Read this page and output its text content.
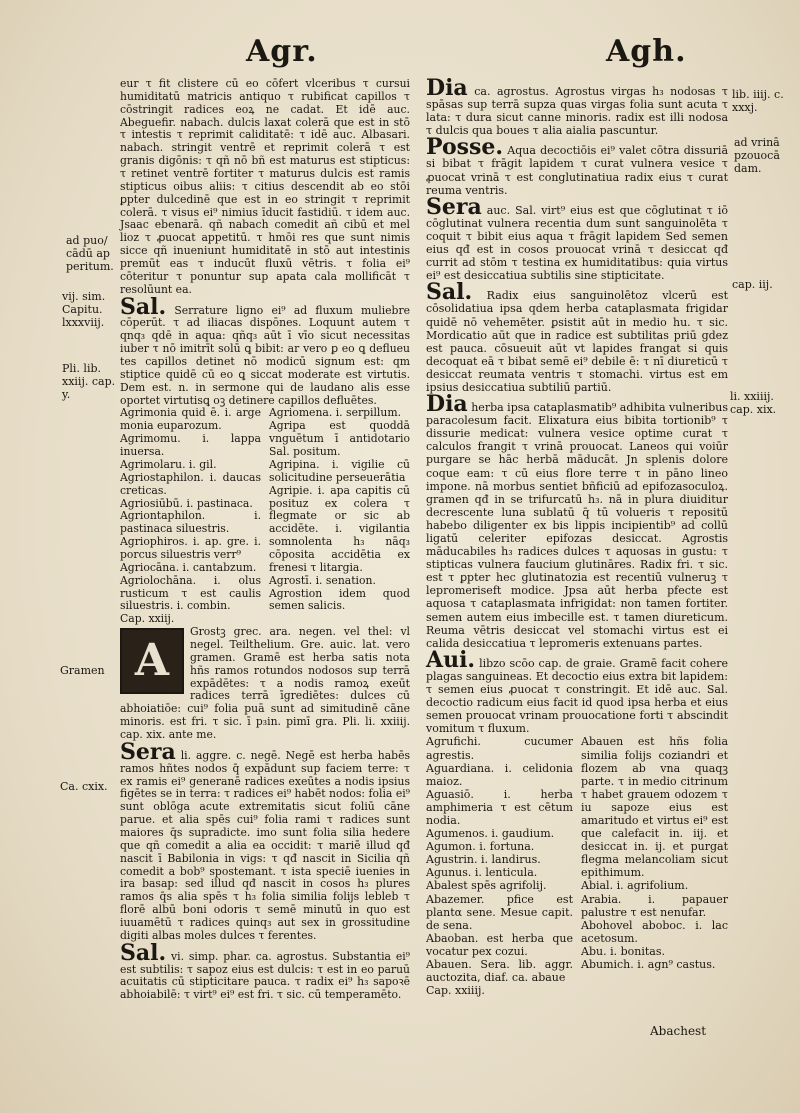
Agr.	Agh.
ad puo/ cādū ap peritum.
vij. sim. Capitu. lxxxviij.
Pli. lib. xxiij. cap. y.
Gramen
Ca. cxix.
lib. iiij. c. xxxj.
ad vrinā pzouocā dam.
cap. iij.
li. xxiiij. cap. xix.

eur τ fit clistere cū eo cōfert vlceribus τ cursui humiditatū matricis antiquo τ rubificat capillos τ cōstringit radices eoꝝ ne cadat. Et idē auc. Abeguefir. nabach. dulcis laxat colerā que est in stō τ intestis τ reprimit caliditatē: τ idē auc. Albasari. nabach. stringit ventrē et reprimit colerā τ est granis digōnis: τ qñ nō bñ est maturus est stipticus: τ retinet ventrē fortiter τ maturus dulcis est ramis stipticus oibus aliis: τ citius descendit ab eo stōi ꝑpter dulcedinē que est in eo stringit τ reprimit colerā. τ visus ei⁹ nimius īducit fastidiū. τ idem auc. Jsaac ebenarā. qñ nabach comedit añ cibū et mel lioz τ ꝓuocat appetitū. τ hmōi res que sunt nimis sicce qñ inueniunt humiditatē in stō aut intestinis premūt eas τ inducūt fluxū vētris. τ folia ei⁹ cōteritur τ ponuntur sup apata cala mollificāt τ resolūunt ea.

Sal. Serrature ligno ei⁹ ad fluxum muliebre cōperūt. τ ad iliacas dispōnes. Loquunt autem τ qnq₃ qdē in aqua: qñq₃ aūt ī vīo sicut necessitas iuber τ nō imitrīt solū ꝗ bibit: ar vero ꝑ eo ꝗ deflueu tes capillos detinet nō modicū signum est: qm stiptice quidē cū eo ꝗ siccat moderate est virtutis. Dem est. n. in sermone qui de laudano alis esse oportet virtutisꝗ oꝫ detinere capillos defluētes.

Agrimonia quid ē. i. arge monia euparozum.

Agrimomu. i. lappa inuersa.

Agrimolaru. i. gil.

Agriostaphilon. i. daucas creticas.

Agriosiūbū. i. pastinaca.

Agriontaphilon. i. pastinaca siluestris.

Agriophiros. i. ap. gre. i. porcus siluestris verr⁹

Agriocāna. i. cantabzum.

Agriolochāna. i. olus rusticum τ est caulis siluestris. i. combin.

Agriomena. i. serpillum.

Agripa est quoddā vnguētum ī antidotario Sal. positum.

Agripina. i. vigilie cū solicitudine perseuerātia

Agripie. i. apa capitis cū posituz ex colera τ flegmate or sic ab accidēte. i. vigilantia somnolenta h₃ nāq₃ cōposita accidētia ex frenesi τ litargia.

Agrostī. i. senation.

Agrostion idem quod semen salicis.

Cap. xxiij.

A
Grostꝫ grec. ara. negen. vel thel: vl negel. Teilthelium. Gre. auic. lat. vero gramen. Gramē est herba satis nota hñs ramos rotundos nodosos sup terrā expādētes: τ a nodis ramoꝝ exeūt radices terrā īgrediētes: dulces cū abhoiatiōe: cui⁹ folia puā sunt ad simitudinē cāne minoris. est fri. τ sic. ī p₃in. pimī gra. Pli. li. xxiiij. cap. xix. ante me.

Sera li. aggre. c. negē. Negē est herba habēs ramos hñtes nodos q̄ expādunt sup faciem terre: τ ex ramis ei⁹ generanē radices exeūtes a nodis ipsius figētes se in terra: τ radices ei⁹ habēt nodos: folia ei⁹ sunt oblōga acute extremitatis sicut foliū cāne parue. et alia spēs cui⁹ folia rami τ radices sunt maiores q̄s supradicte. imo sunt folia silia hedere que qñ comedit a alia ea occidit: τ mariē illud qđ nascit ī Babilonia in vigs: τ qđ nascit in Sicilia qñ comedit a bob⁹ spostemant. τ ista speciē iuenies in ira basap: sed illud qđ nascit in cosos h₃ plures ramos q̄s alia spēs τ h₃ folia similia folijs lebleb τ florē albū boni odoris τ semē minutū in quo est iuuamētū τ radices quinq₃ aut sex in grossitudine digiti albas moles dulces τ ferentes.

Sal. vi. simp. phar. ca. agrostus. Substantia ei⁹ est subtilis: τ sapoz eius est dulcis: τ est in eo paruū acuitatis cū stipticitare pauca. τ radix ei⁹ h₃ sapoꝛē abhoiabilē: τ virt⁹ ei⁹ est fri. τ sic. cū temperamēto.

Dia ca. agrostus. Agrostus virgas h₃ nodosas τ spāsas sup terrā supza quas virgas folia sunt acuta τ lata: τ dura sicut canne minoris. radix est illi nodosa τ dulcis qua boues τ alia aialia pascuntur.

Posse. Aqua decoctiōis ei⁹ valet cōtra dissuriā si bibat τ frāgit lapidem τ curat vulnera vesice τ ꝓuocat vrinā τ est conglutinatiua radix eius τ curat reuma ventris.

Sera auc. Sal. virt⁹ eius est que cōglutinat τ iō cōglutinat vulnera recentia dum sunt sanguinolēta τ coquit τ bibit eius aqua τ frāgit lapidem Sed semen eius qđ est in cosos prouocat vrinā τ desiccat qđ currit ad stōm τ testina ex humiditatibus: quia virtus ei⁹ est desiccatiua subtilis sine stipticitate.

Sal. Radix eius sanguinolētoz vlcerū est cōsolidatiua ipsa qdem herba cataplasmata frigidar quidē nō vehemēter. ꝑsistit aūt in medio hu. τ sic. Mordicatio aūt que in radice est subtilitas priū gdez est pauca. cōsueuit aūt vt lapides frangat si quis decoquat eā τ bibat semē ei⁹ debile ē: τ nī diureticū τ desiccat reumata ventris τ stomachi. virtus est em ipsius desiccatiua subtiliū partiū.

Dia herba ipsa cataplasmatib⁹ adhibita vulneribus paracolesum facit. Elixatura eius bibita tortionib⁹ τ dissurie medicat: vulnera vesice optime curat τ calculos frangit τ vrinā prouocat. Laneos qui voiūr purgare se hāc herbā māducāt. Jn splenis dolore coque eam: τ cū eius flore terre τ in pāno lineo impone. nā morbus sentiet bñficiū ad epifozasoculoꝝ. gramen qđ in se trifurcatū h₃. nā in plura diuiditur decrescente luna sublatū q̄ tū volueris τ repositū habebo diligenter ex bis lippis incipientib⁹ ad collū ligatū celeriter epifozas desiccat. Agrostis māducabiles h₃ radices dulces τ aquosas in gustu: τ stipticas vulnera faucium glutināres. Radix fri. τ sic. est τ ꝑpter hec glutinatozia est recentiū vulneruꝫ τ lepromeriseft modice. Jpsa aūt herba pfecte est aquosa τ cataplasmata infrigidat: non tamen fortiter. semen autem eius imbecille est. τ tamen diureticum. Reuma vētris desiccat vel stomachi virtus est ei calida desiccatiua τ lepromeris extenuans partes.

Aui. libzo scōo cap. de graie. Gramē facit cohere plagas sanguineas. Et decoctio eius extra bit lapidem: τ semen eius ꝓuocat τ constringit. Et idē auc. Sal. decoctio radicum eius facit id quod ipsa herba et eius semen prouocat vrinam prouocatione forti τ abscindit vomitum τ fluxum.

Agrufichi. cucumer agrestis.

Aguardiana. i. celidonia maioz.

Aguasiō. i. herba amphimeria τ est cētum nodia.

Agumenos. i. gaudium.

Agumon. i. fortuna.

Agustrin. i. landirus.

Agunus. i. lenticula.

Abalest spēs agrifolij.

Abazemer. pfice est plantα sene. Mesue capit. de sena.

Abaoban. est herba que vocatur pex cozui.

Abauen. Sera. lib. aggr. auctozita, diaf. ca. abaue

Abauen est hñs folia similia folijs coziandri et flozem ab vna quaqꝫ parte. τ in medio citrinum τ habet grauem odozem τ iu sapoze eius est amaritudo et virtus ei⁹ est que calefacit in. iij. et desiccat in. ij. et purgat flegma melancoliam sicut epithimum.

Abial. i. agrifolium.

Arabia. i. papauer palustre τ est nenufar.

Abohovel aboboc. i. lac acetosum.

Abu. i. bonitas.

Abumich. i. agn⁹ castus.

Cap. xxiiij.

Abachest
